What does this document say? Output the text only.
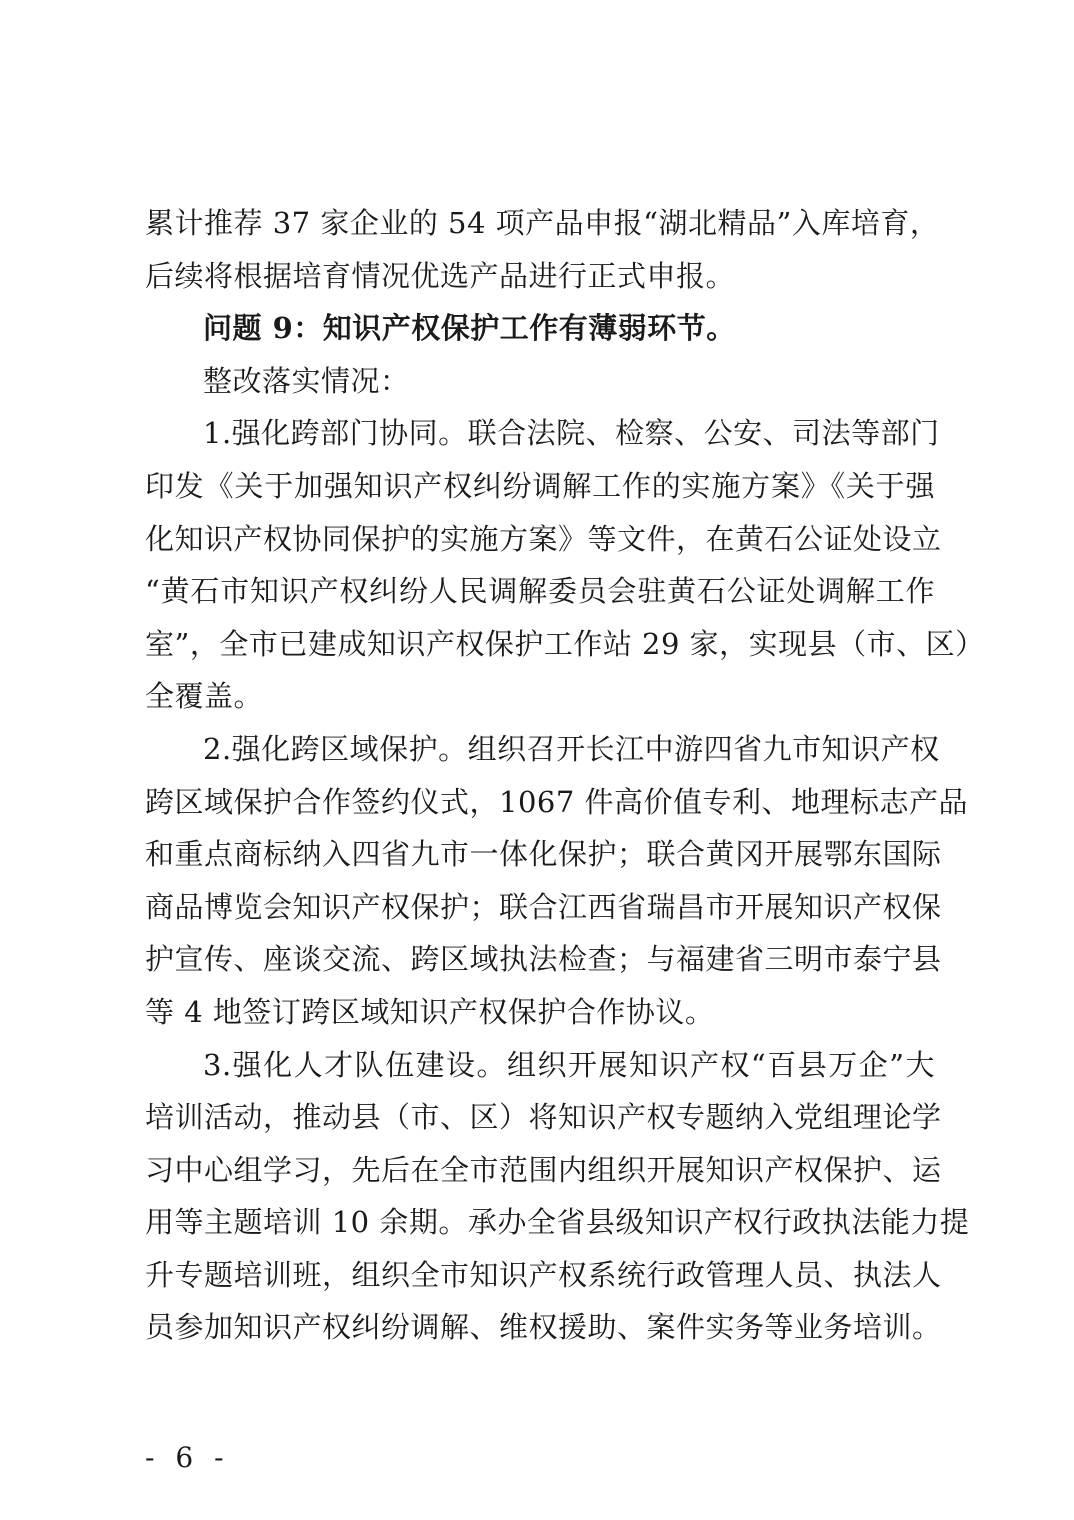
累计推荐 37 家企业的 54 项产品申报“湖北精品”入库培育，
后续将根据培育情况优选产品进行正式申报。
问题 9：知识产权保护工作有薄弱环节。
整改落实情况：
1.强化跨部门协同。联合法院、检察、公安、司法等部门
印发《关于加强知识产权纠纷调解工作的实施方案》《关于强
化知识产权协同保护的实施方案》等文件，在黄石公证处设立
“黄石市知识产权纠纷人民调解委员会驻黄石公证处调解工作
室”，全市已建成知识产权保护工作站 29 家，实现县（市、区）
全覆盖。
2.强化跨区域保护。组织召开长江中游四省九市知识产权
跨区域保护合作签约仪式，1067 件高价值专利、地理标志产品
和重点商标纳入四省九市一体化保护；联合黄冈开展鄂东国际
商品博览会知识产权保护；联合江西省瑞昌市开展知识产权保
护宣传、座谈交流、跨区域执法检查；与福建省三明市泰宁县
等 4 地签订跨区域知识产权保护合作协议。
3.强化人才队伍建设。组织开展知识产权“百县万企”大
培训活动，推动县（市、区）将知识产权专题纳入党组理论学
习中心组学习，先后在全市范围内组织开展知识产权保护、运
用等主题培训 10 余期。承办全省县级知识产权行政执法能力提
升专题培训班，组织全市知识产权系统行政管理人员、执法人
员参加知识产权纠纷调解、维权援助、案件实务等业务培训。
- 6 -
